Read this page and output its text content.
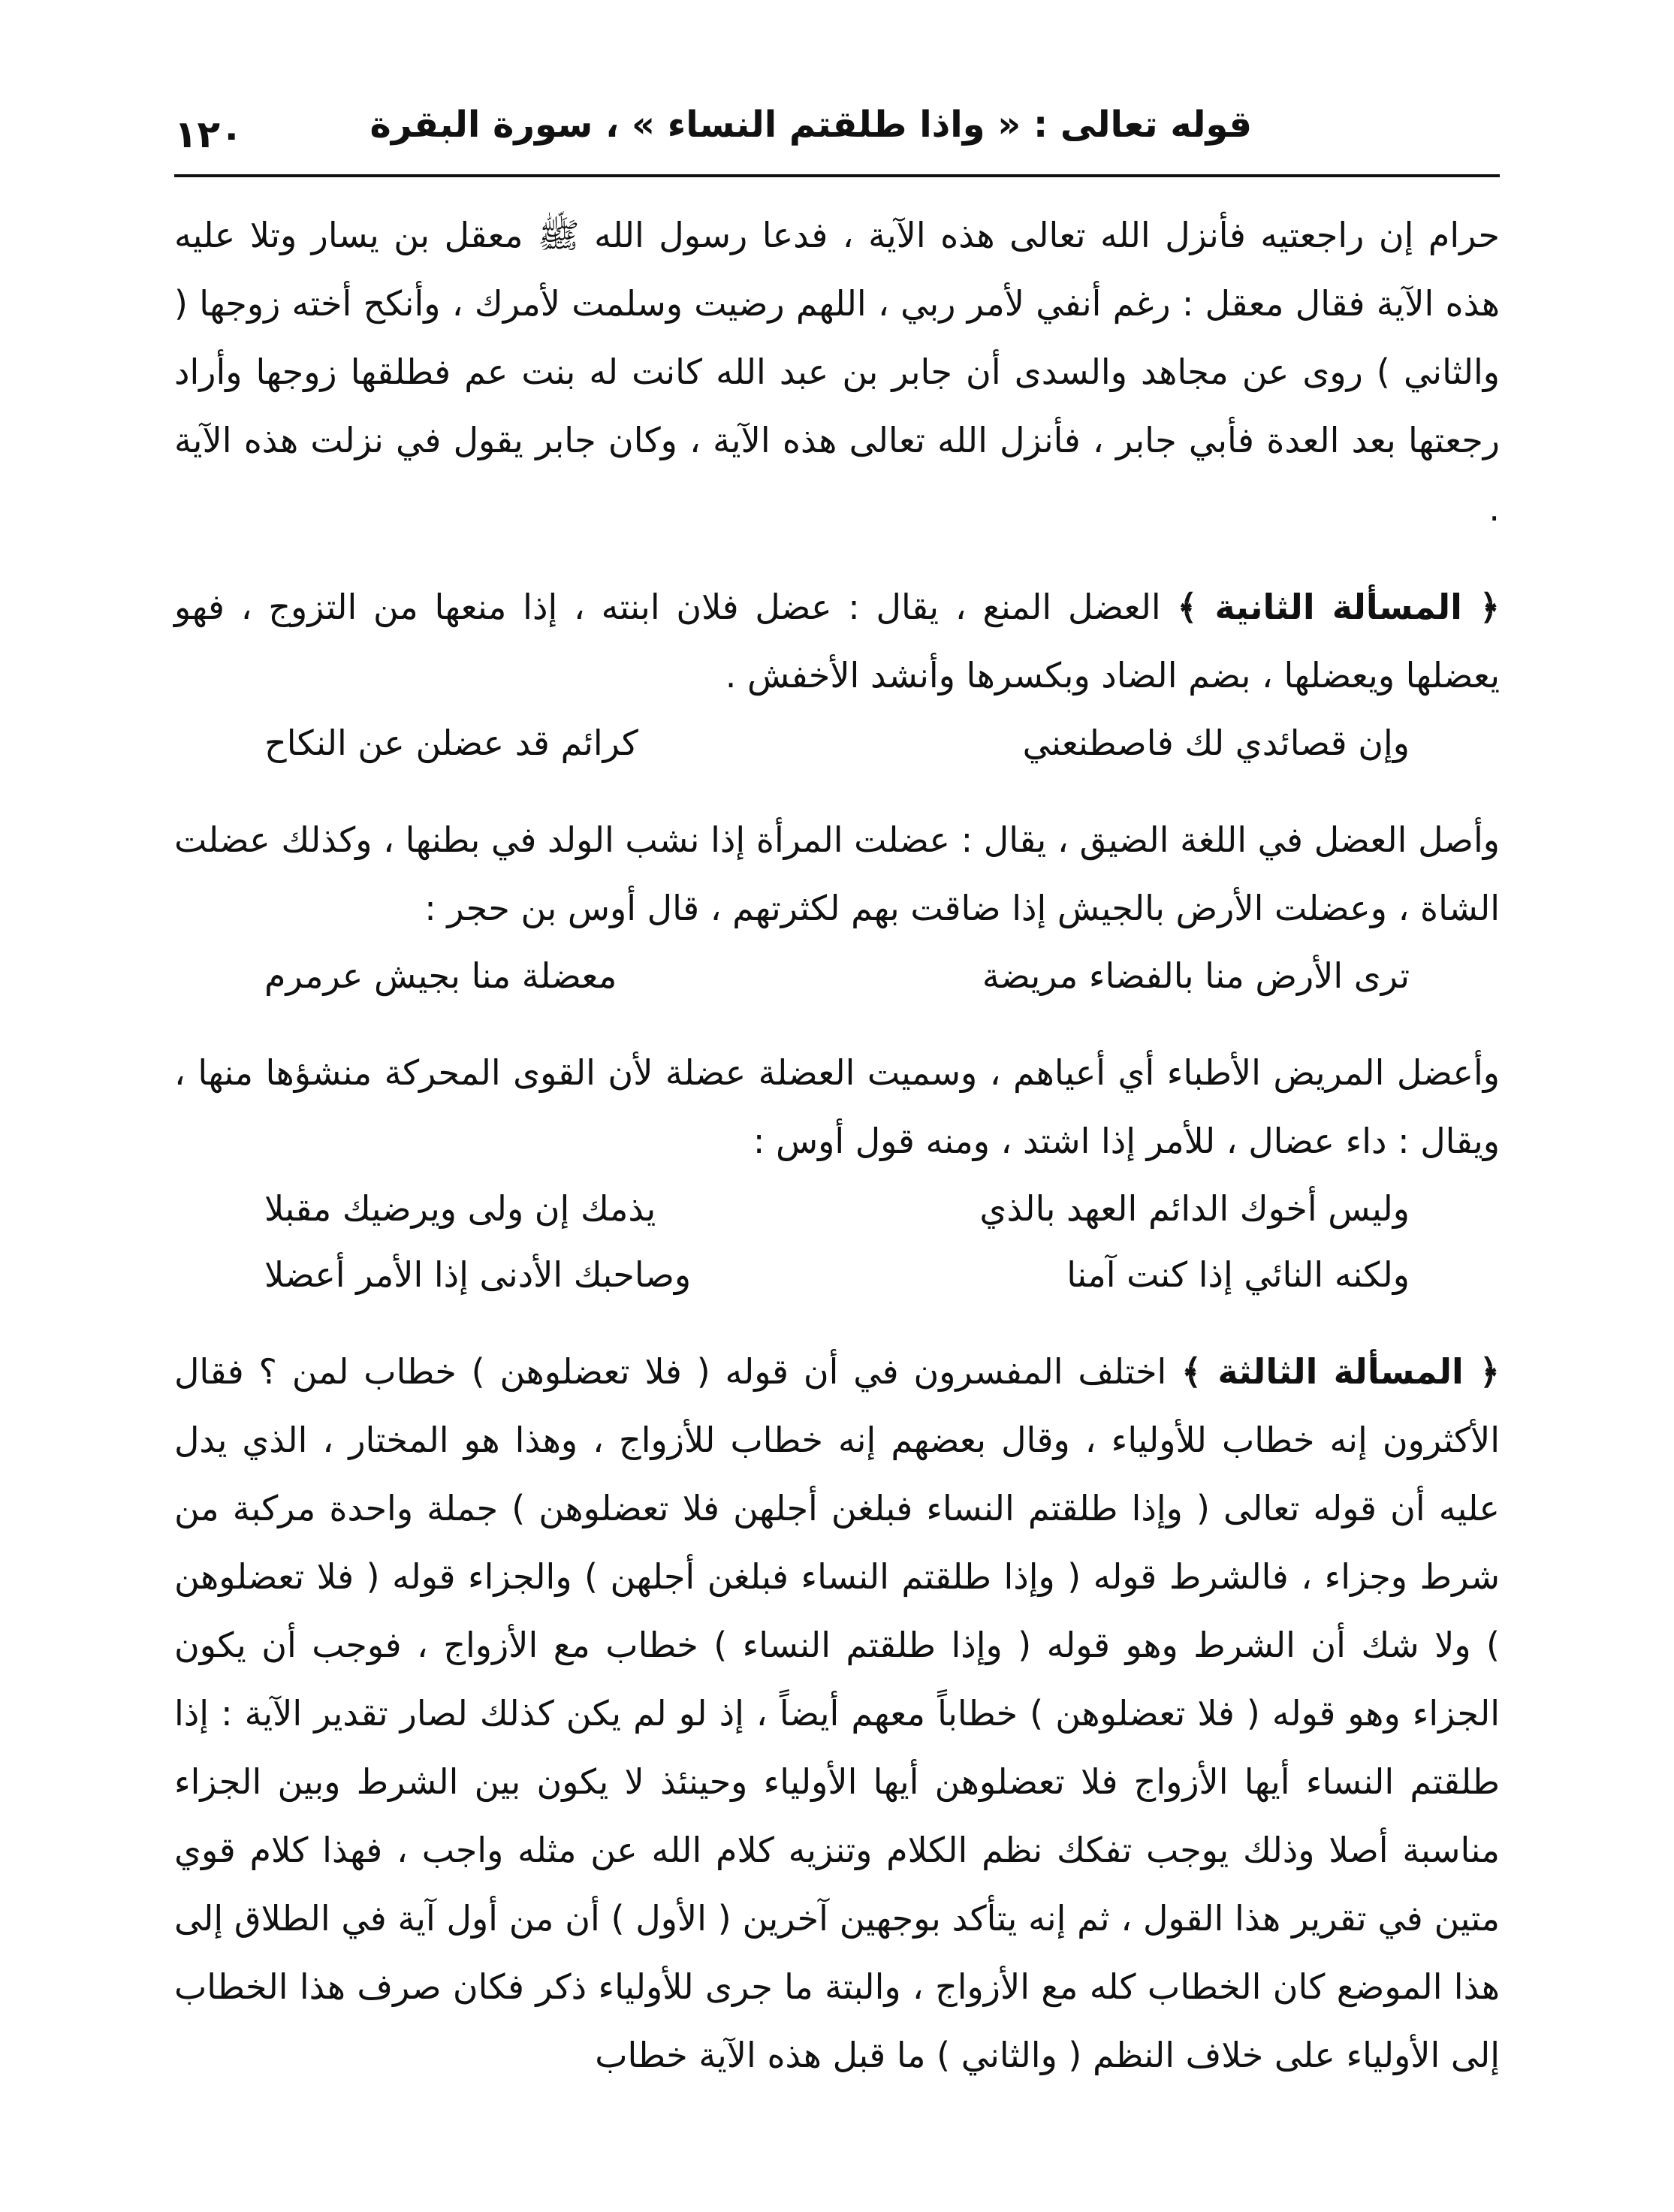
قوله تعالى : « واذا طلقتم النساء » ، سورة البقرة
١٢٠

حرام إن راجعتيه فأنزل الله تعالى هذه الآية ، فدعا رسول الله ﷺ معقل بن يسار وتلا عليه هذه الآية فقال معقل : رغم أنفي لأمر ربي ، اللهم رضيت وسلمت لأمرك ، وأنكح أخته زوجها ( والثاني ) روى عن مجاهد والسدى أن جابر بن عبد الله كانت له بنت عم فطلقها زوجها وأراد رجعتها بعد العدة فأبي جابر ، فأنزل الله تعالى هذه الآية ، وكان جابر يقول في نزلت هذه الآية .

﴿ المسألة الثانية ﴾ العضل المنع ، يقال : عضل فلان ابنته ، إذا منعها من التزوج ، فهو يعضلها ويعضلها ، بضم الضاد وبكسرها وأنشد الأخفش .

وإن قصائدي لك فاصطنعني
كرائم قد عضلن عن النكاح

وأصل العضل في اللغة الضيق ، يقال : عضلت المرأة إذا نشب الولد في بطنها ، وكذلك عضلت الشاة ، وعضلت الأرض بالجيش إذا ضاقت بهم لكثرتهم ، قال أوس بن حجر :

ترى الأرض منا بالفضاء مريضة
معضلة منا بجيش عرمرم

وأعضل المريض الأطباء أي أعياهم ، وسميت العضلة عضلة لأن القوى المحركة منشؤها منها ، ويقال : داء عضال ، للأمر إذا اشتد ، ومنه قول أوس :

وليس أخوك الدائم العهد بالذي
يذمك إن ولى ويرضيك مقبلا
ولكنه النائي إذا كنت آمنا
وصاحبك الأدنى إذا الأمر أعضلا

﴿ المسألة الثالثة ﴾ اختلف المفسرون في أن قوله ( فلا تعضلوهن ) خطاب لمن ؟ فقال الأكثرون إنه خطاب للأولياء ، وقال بعضهم إنه خطاب للأزواج ، وهذا هو المختار ، الذي يدل عليه أن قوله تعالى ( وإذا طلقتم النساء فبلغن أجلهن فلا تعضلوهن ) جملة واحدة مركبة من شرط وجزاء ، فالشرط قوله ( وإذا طلقتم النساء فبلغن أجلهن ) والجزاء قوله ( فلا تعضلوهن ) ولا شك أن الشرط وهو قوله ( وإذا طلقتم النساء ) خطاب مع الأزواج ، فوجب أن يكون الجزاء وهو قوله ( فلا تعضلوهن ) خطاباً معهم أيضاً ، إذ لو لم يكن كذلك لصار تقدير الآية : إذا طلقتم النساء أيها الأزواج فلا تعضلوهن أيها الأولياء وحينئذ لا يكون بين الشرط وبين الجزاء مناسبة أصلا وذلك يوجب تفكك نظم الكلام وتنزيه كلام الله عن مثله واجب ، فهذا كلام قوي متين في تقرير هذا القول ، ثم إنه يتأكد بوجهين آخرين ( الأول ) أن من أول آية في الطلاق إلى هذا الموضع كان الخطاب كله مع الأزواج ، والبتة ما جرى للأولياء ذكر فكان صرف هذا الخطاب إلى الأولياء على خلاف النظم ( والثاني ) ما قبل هذه الآية خطاب
